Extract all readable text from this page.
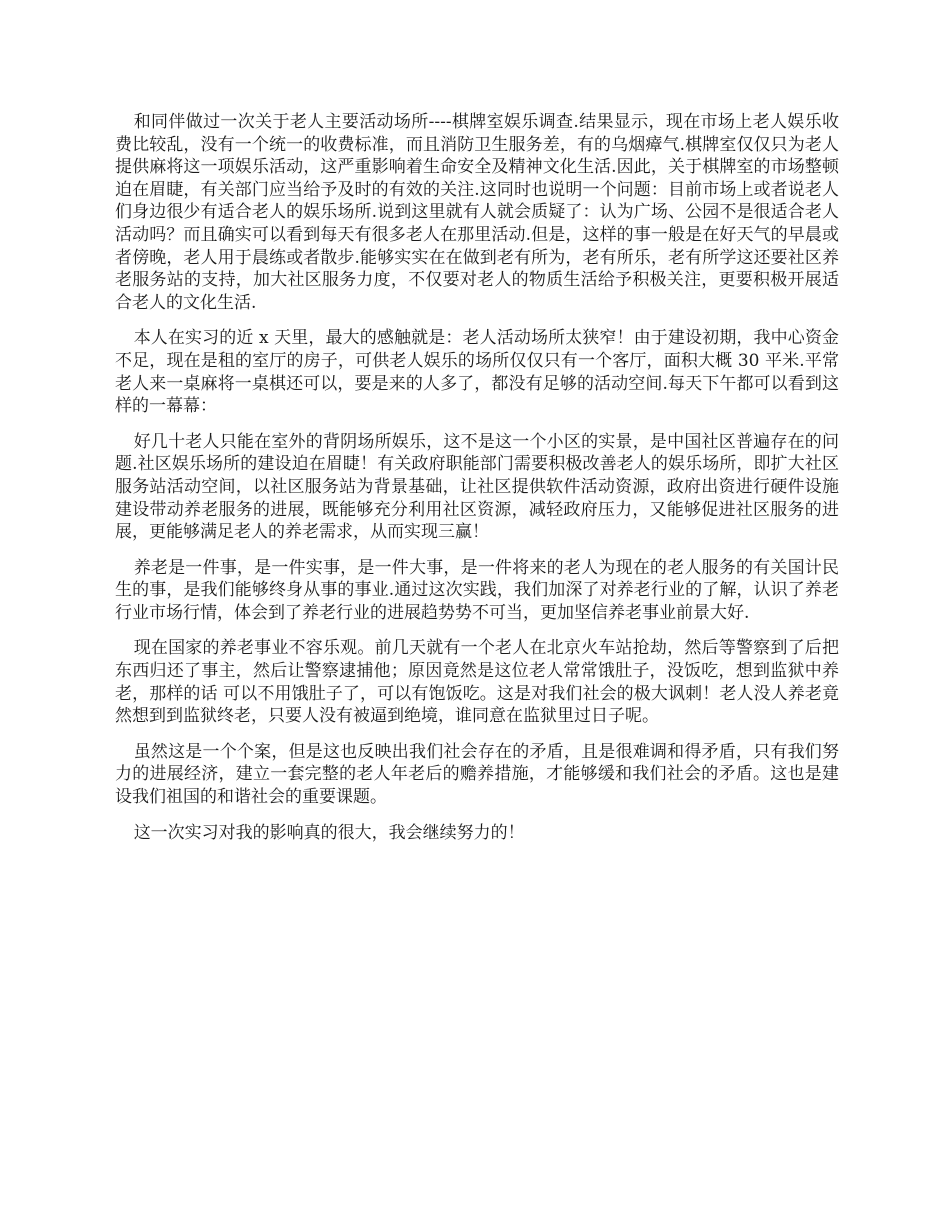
和同伴做过一次关于老人主要活动场所----棋牌室娱乐调查.结果显示，现在市场上老人娱乐收费比较乱，没有一个统一的收费标准，而且消防卫生服务差，有的乌烟瘴气.棋牌室仅仅只为老人提供麻将这一项娱乐活动，这严重影响着生命安全及精神文化生活.因此，关于棋牌室的市场整顿迫在眉睫，有关部门应当给予及时的有效的关注.这同时也说明一个问题：目前市场上或者说老人们身边很少有适合老人的娱乐场所.说到这里就有人就会质疑了：认为广场、公园不是很适合老人活动吗？而且确实可以看到每天有很多老人在那里活动.但是，这样的事一般是在好天气的早晨或者傍晚，老人用于晨练或者散步.能够实实在在做到老有所为，老有所乐，老有所学这还要社区养老服务站的支持，加大社区服务力度，不仅要对老人的物质生活给予积极关注，更要积极开展适合老人的文化生活.

本人在实习的近 x 天里，最大的感触就是：老人活动场所太狭窄！由于建设初期，我中心资金不足，现在是租的室厅的房子，可供老人娱乐的场所仅仅只有一个客厅，面积大概 30 平米.平常老人来一桌麻将一桌棋还可以，要是来的人多了，都没有足够的活动空间.每天下午都可以看到这样的一幕幕：

好几十老人只能在室外的背阴场所娱乐，这不是这一个小区的实景，是中国社区普遍存在的问题.社区娱乐场所的建设迫在眉睫！有关政府职能部门需要积极改善老人的娱乐场所，即扩大社区服务站活动空间，以社区服务站为背景基础，让社区提供软件活动资源，政府出资进行硬件设施建设带动养老服务的进展，既能够充分利用社区资源，减轻政府压力，又能够促进社区服务的进展，更能够满足老人的养老需求，从而实现三赢！

养老是一件事，是一件实事，是一件大事，是一件将来的老人为现在的老人服务的有关国计民生的事，是我们能够终身从事的事业.通过这次实践，我们加深了对养老行业的了解，认识了养老行业市场行情，体会到了养老行业的进展趋势势不可当，更加坚信养老事业前景大好.

现在国家的养老事业不容乐观。前几天就有一个老人在北京火车站抢劫，然后等警察到了后把东西归还了事主，然后让警察逮捕他；原因竟然是这位老人常常饿肚子，没饭吃，想到监狱中养老，那样的话 可以不用饿肚子了，可以有饱饭吃。这是对我们社会的极大讽刺！老人没人养老竟然想到到监狱终老，只要人没有被逼到绝境，谁同意在监狱里过日子呢。

虽然这是一个个案，但是这也反映出我们社会存在的矛盾，且是很难调和得矛盾，只有我们努力的进展经济，建立一套完整的老人年老后的赡养措施，才能够缓和我们社会的矛盾。这也是建设我们祖国的和谐社会的重要课题。

这一次实习对我的影响真的很大，我会继续努力的！
